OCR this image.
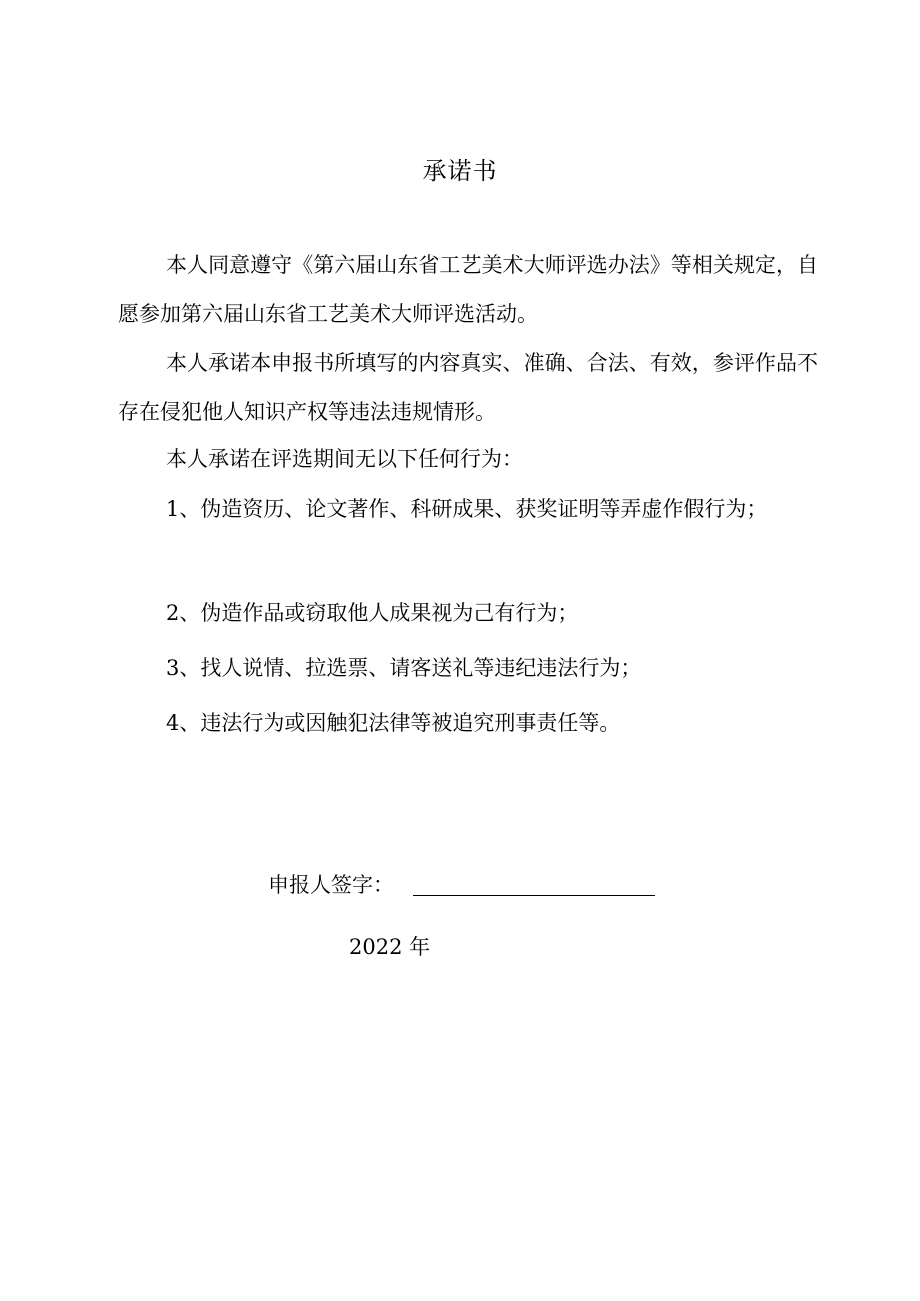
承诺书

本人同意遵守《第六届山东省工艺美术大师评选办法》等相关规定，自愿参加第六届山东省工艺美术大师评选活动。

本人承诺本申报书所填写的内容真实、准确、合法、有效，参评作品不存在侵犯他人知识产权等违法违规情形。

本人承诺在评选期间无以下任何行为：

1、伪造资历、论文著作、科研成果、获奖证明等弄虚作假行为；

2、伪造作品或窃取他人成果视为己有行为；

3、找人说情、拉选票、请客送礼等违纪违法行为；

4、违法行为或因触犯法律等被追究刑事责任等。

申报人签字：
2022 年
